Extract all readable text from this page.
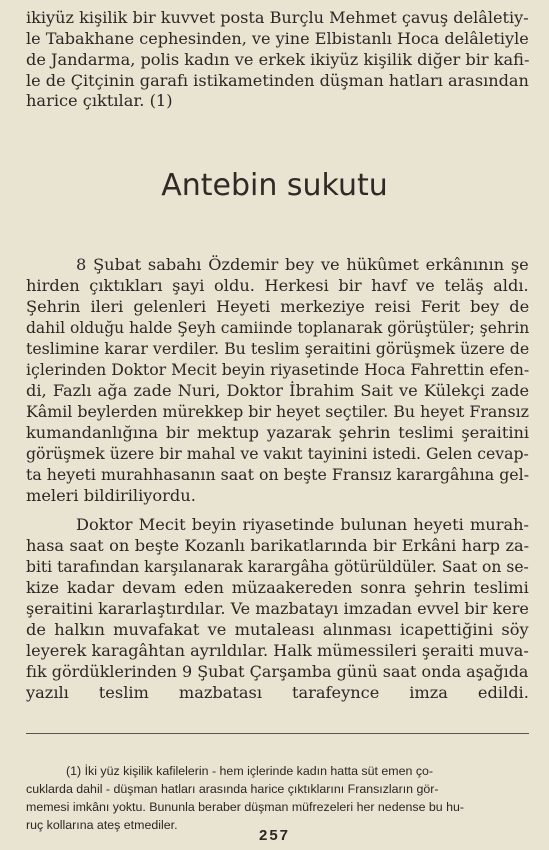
ikiyüz kişilik bir kuvvet posta Burçlu Mehmet çavuş delâletiy-
le Tabakhane cephesinden, ve yine Elbistanlı Hoca delâletiyle
de Jandarma, polis kadın ve erkek ikiyüz kişilik diğer bir kafi-
le de Çitçinin garafı istikametinden düşman hatları arasından
harice çıktılar. (1)
Antebin sukutu
8 Şubat sabahı Özdemir bey ve hükûmet erkânının şe
hirden çıktıkları şayi oldu. Herkesi bir havf ve teläş aldı.
Şehrin ileri gelenleri Heyeti merkeziye reisi Ferit bey de
dahil olduğu halde Şeyh camiinde toplanarak görüştüler; şehrin
teslimine karar verdiler. Bu teslim şeraitini görüşmek üzere de
içlerinden Doktor Mecit beyin riyasetinde Hoca Fahrettin efen-
di, Fazlı ağa zade Nuri, Doktor İbrahim Sait ve Külekçi zade
Kâmil beylerden mürekkep bir heyet seçtiler. Bu heyet Fransız
kumandanlığına bir mektup yazarak şehrin teslimi şeraitini
görüşmek üzere bir mahal ve vakıt tayinini istedi. Gelen cevap-
ta heyeti murahhasanın saat on beşte Fransız karargâhına gel-
meleri bildiriliyordu.
Doktor Mecit beyin riyasetinde bulunan heyeti murah-
hasa saat on beşte Kozanlı barikatlarında bir Erkâni harp za-
biti tarafından karşılanarak karargâha götürüldüler. Saat on se-
kize kadar devam eden müzaakereden sonra şehrin teslimi
şeraitini kararlaştırdılar. Ve mazbatayı imzadan evvel bir kere
de halkın muvafakat ve mutaleası alınması icapettiğini söy
leyerek karagâhtan ayrıldılar. Halk mümessileri şeraiti muva-
fık gördüklerinden 9 Şubat Çarşamba günü saat onda aşağıda
yazılı teslim mazbatası tarafeynce imza edildi.
(1) İki yüz kişilik kafilelerin - hem içlerinde kadın hatta süt emen ço-
cuklarda dahil - düşman hatları arasında harice çıktıklarını Fransızların gör-
memesi imkânı yoktu. Bununla beraber düşman müfrezeleri her nedense bu hu-
ruç kollarına ateş etmediler.
257
